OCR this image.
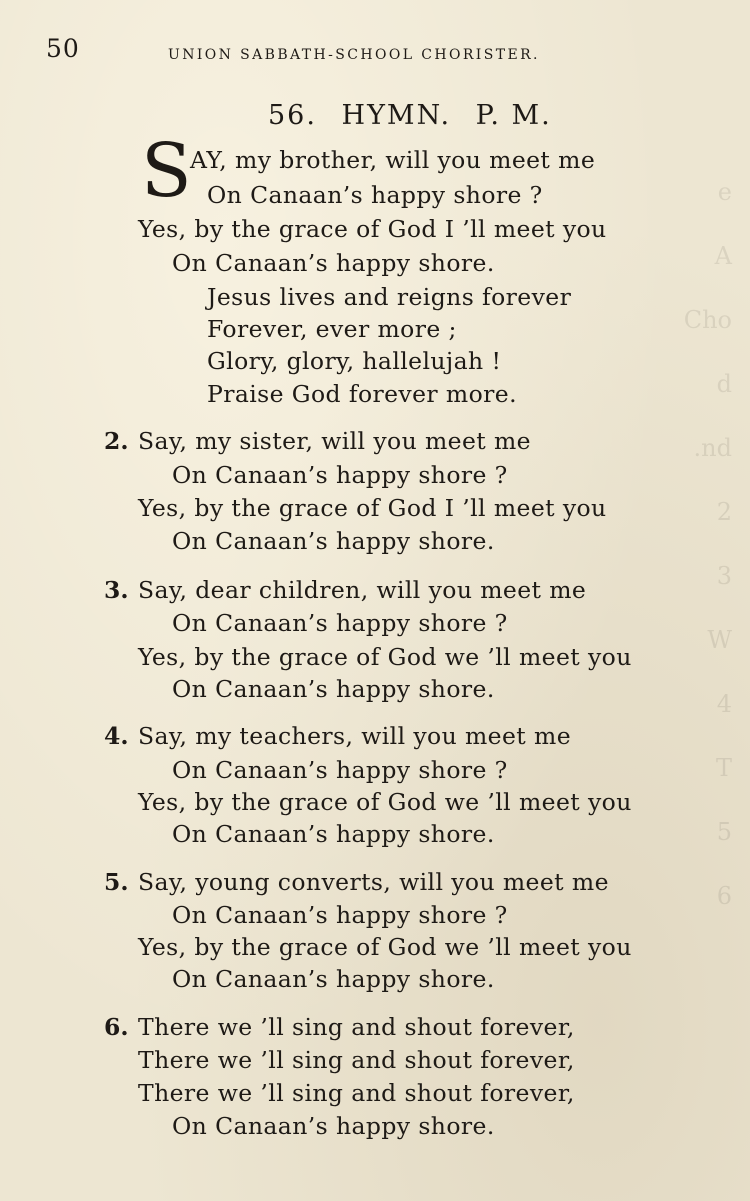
e
A
Cho
d
.nd
2
3
W
4
T
5
6
50	UNION SABBATH-SCHOOL CHORISTER.
56. HYMN. P. M.
S
AY, my brother, will you meet me
On Canaan’s happy shore ?
Yes, by the grace of God I ’ll meet you
On Canaan’s happy shore.
Jesus lives and reigns forever
Forever, ever more ;
Glory, glory, hallelujah !
Praise God forever more.
2. Say, my sister, will you meet me
On Canaan’s happy shore ?
Yes, by the grace of God I ’ll meet you
On Canaan’s happy shore.
3. Say, dear children, will you meet me
On Canaan’s happy shore ?
Yes, by the grace of God we ’ll meet you
On Canaan’s happy shore.
4. Say, my teachers, will you meet me
On Canaan’s happy shore ?
Yes, by the grace of God we ’ll meet you
On Canaan’s happy shore.
5. Say, young converts, will you meet me
On Canaan’s happy shore ?
Yes, by the grace of God we ’ll meet you
On Canaan’s happy shore.
6. There we ’ll sing and shout forever,
There we ’ll sing and shout forever,
There we ’ll sing and shout forever,
On Canaan’s happy shore.
